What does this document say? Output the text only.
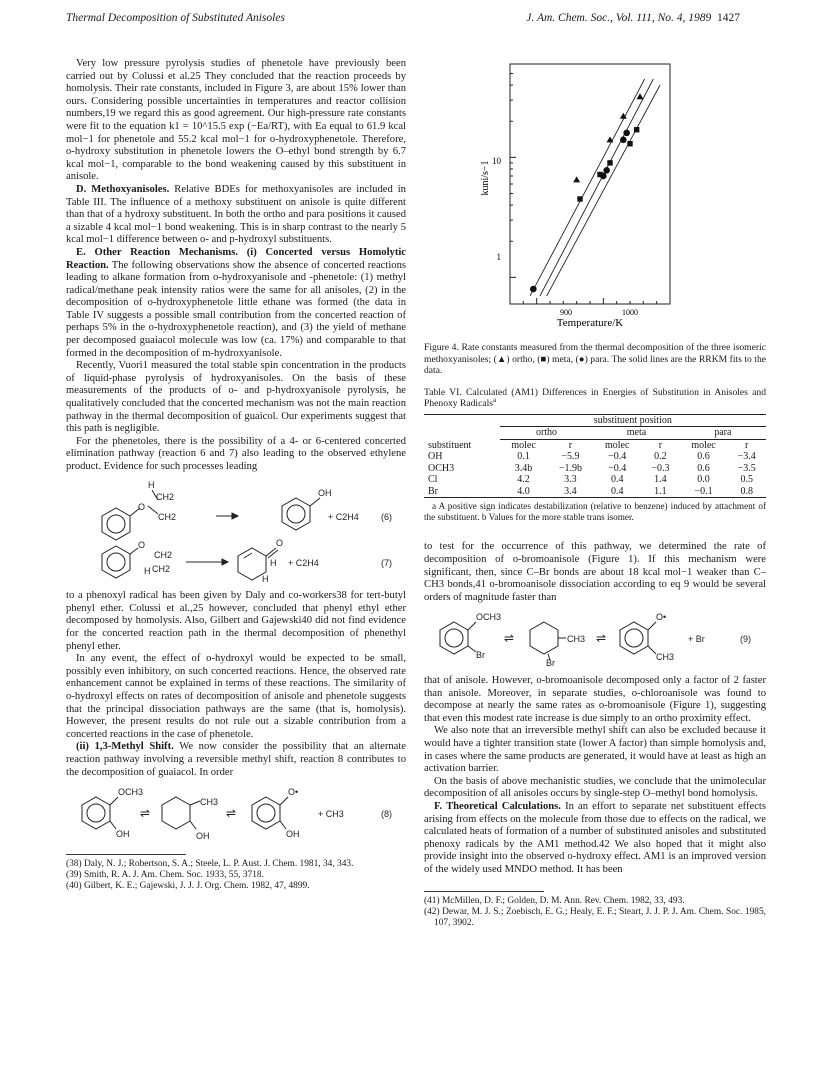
Thermal Decomposition of Substituted Anisoles	J. Am. Chem. Soc., Vol. 111, No. 4, 1989 1427

Very low pressure pyrolysis studies of phenetole have previously been carried out by Colussi et al.25 They concluded that the reaction proceeds by homolysis. Their rate constants, included in Figure 3, are about 15% lower than ours. Considering possible uncertainties in temperatures and reactor collision numbers,19 we regard this as good agreement. Our high-pressure rate constants were fit to the equation k1 = 10^15.5 exp (−Ea/RT), with Ea equal to 61.9 kcal mol−1 for phenetole and 55.2 kcal mol−1 for o-hydroxyphenetole. Therefore, o-hydroxy substitution in phenetole lowers the O–ethyl bond strength by 6.7 kcal mol−1, comparable to the bond weakening caused by this substituent in anisole.

D. Methoxyanisoles. Relative BDEs for methoxyanisoles are included in Table III. The influence of a methoxy substituent on anisole is quite different than that of a hydroxy substituent. In both the ortho and para positions it caused a sizable 4 kcal mol−1 bond weakening. This is in sharp contrast to the nearly 5 kcal mol−1 difference between o- and p-hydroxyl substituents.

E. Other Reaction Mechanisms. (i) Concerted versus Homolytic Reaction. The following observations show the absence of concerted reactions leading to alkane formation from o-hydroxyanisole and -phenetole: (1) methyl radical/methane peak intensity ratios were the same for all anisoles, (2) in the decomposition of o-hydroxyphenetole little ethane was formed (the data in Table IV suggests a possible small contribution from the concerted reaction of perhaps 5% in the o-hydroxyphenetole reaction), and (3) the yield of methane per decomposed guaiacol molecule was low (ca. 17%) and comparable to that formed in the decomposition of m-hydroxyanisole.

Recently, Vuori1 measured the total stable spin concentration in the products of liquid-phase pyrolysis of hydroxyanisoles. On the basis of these measurements of the products of o- and p-hydroxyanisole pyrolysis, he qualitatively concluded that the concerted mechanism was not the main reaction pathway in the thermal decomposition of guaicol. Our experiments suggest that this path is negligible.

For the phenetoles, there is the possibility of a 4- or 6-centered concerted elimination pathway (reaction 6 and 7) also leading to the observed ethylene product. Evidence for such processes leading

H
CH2
O
CH2
OH
+ C2H4 (6)
O
CH2
H CH2
O
H + C2H4	(7)
H

to a phenoxyl radical has been given by Daly and co-workers38 for tert-butyl phenyl ether. Colussi et al.,25 however, concluded that phenyl ethyl ether decomposed by homolysis. Also, Gilbert and Gajewski40 did not find evidence for the concerted reaction path in the thermal decomposition of phenethyl phenyl ether.

In any event, the effect of o-hydroxyl would be expected to be small, possibly even inhibitory, on such concerted reactions. Hence, the observed rate enhancement cannot be explained in terms of these reactions. The similarity of o-hydroxyl effects on rates of decomposition of anisole and phenetole suggests that the principal dissociation pathways are the same (that is, homolysis). However, the present results do not rule out a sizable contribution from a concerted reactions in the case of phenetole.

(ii) 1,3-Methyl Shift. We now consider the possibility that an alternate reaction pathway involving a reversible methyl shift, reaction 8 contributes to the decomposition of guaiacol. In order

OCH3
OH
⇌
CH3
OH
⇌
O•
OH
+ CH3	(8)

(38) Daly, N. J.; Robertson, S. A.; Steele, L. P. Aust. J. Chem. 1981, 34, 343.

(39) Smith, R. A. J. Am. Chem. Soc. 1933, 55, 3718.

(40) Gilbert, K. E.; Gajewski, J. J. J. Org. Chem. 1982, 47, 4899.

10
1
900	1000
Temperature/K
kuni/s−1

Figure 4. Rate constants measured from the thermal decomposition of the three isomeric methoxyanisoles; (▲) ortho, (■) meta, (●) para. The solid lines are the RRKM fits to the data.

Table VI. Calculated (AM1) Differences in Energies of Substitution in Anisoles and Phenoxy Radicals$^a$

	substituent position					
	ortho		meta		para	
substituent	molec	r	molec	r	molec	r
OH	0.1	−5.9	−0.4	0.2	0.6	−3.4
OCH3	3.4b	−1.9b	−0.4	−0.3	0.6	−3.5
Cl	4.2	3.3	0.4	1.4	0.0	0.5
Br	4.0	3.4	0.4	1.1	−0.1	0.8

a A positive sign indicates destabilization (relative to benzene) induced by attachment of the substituent. b Values for the more stable trans isomer.

to test for the occurrence of this pathway, we determined the rate of decomposition of o-bromoanisole (Figure 1). If this mechanism were significant, then, since C–Br bonds are about 18 kcal mol−1 weaker than C–CH3 bonds,41 o-bromoanisole dissociation according to eq 9 would be several orders of magnitude faster than

OCH3
Br
⇌	CH3
Br
⇌
O•
CH3
+ Br	(9)

that of anisole. However, o-bromoanisole decomposed only a factor of 2 faster than anisole. Moreover, in separate studies, o-chloroanisole was found to decompose at nearly the same rates as o-bromoanisole (Figure 1), suggesting that even this modest rate increase is due simply to an ortho proximity effect.

We also note that an irreversible methyl shift can also be excluded because it would have a tighter transition state (lower A factor) than simple homolysis and, in cases where the same products are generated, it would have at least as high an activation barrier.

On the basis of above mechanistic studies, we conclude that the unimolecular decomposition of all anisoles occurs by single-step O–methyl bond homolysis.

F. Theoretical Calculations. In an effort to separate net substituent effects arising from effects on the molecule from those due to effects on the radical, we calculated heats of formation of a number of substituted anisoles and substituted phenoxy radicals by the AM1 method.42 We also hoped that it might also provide insight into the observed o-hydroxy effect. AM1 is an improved version of the widely used MNDO method. It has been

(41) McMillen, D. F.; Golden, D. M. Ann. Rev. Chem. 1982, 33, 493.

(42) Dewar, M. J. S.; Zoebisch, E. G.; Healy, E. F.; Steart, J. J. P. J. Am. Chem. Soc. 1985, 107, 3902.
